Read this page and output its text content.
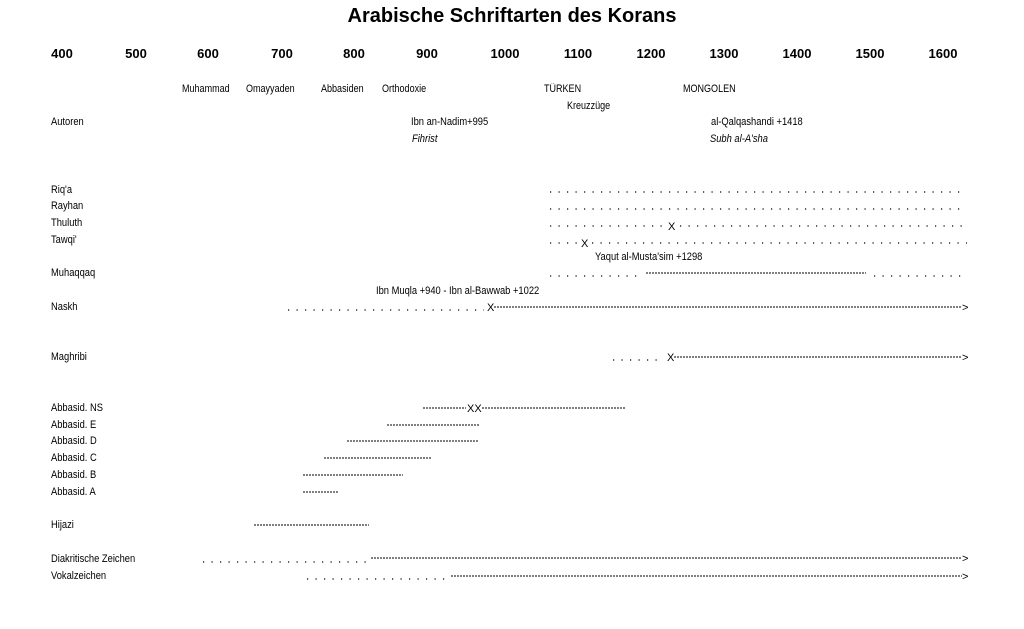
Arabische Schriftarten des Korans
400	500	600	700	800	900	1000	1100	1200	1300	1400	1500	1600
Muhammad Omayyaden Abbasiden Orthodoxie	TÜRKEN
Kreuzzüge
MONGOLEN
Autoren	Ibn an-Nadim+995
Fihrist
al-Qalqashandi +1418
Subh al-A'sha
Yaqut al-Musta'sim +1298
Ibn Muqla +940 - Ibn al-Bawwab +1022
Riq'a
Rayhan
Thuluth
Tawqi'
Muhaqqaq
Naskh
Maghribi
Abbasid. NS
Abbasid. E
Abbasid. D
Abbasid. C
Abbasid. B
Abbasid. A
Hijazi
Diakritische Zeichen
Vokalzeichen
X
X
X
X
XX
>
>
>
>
